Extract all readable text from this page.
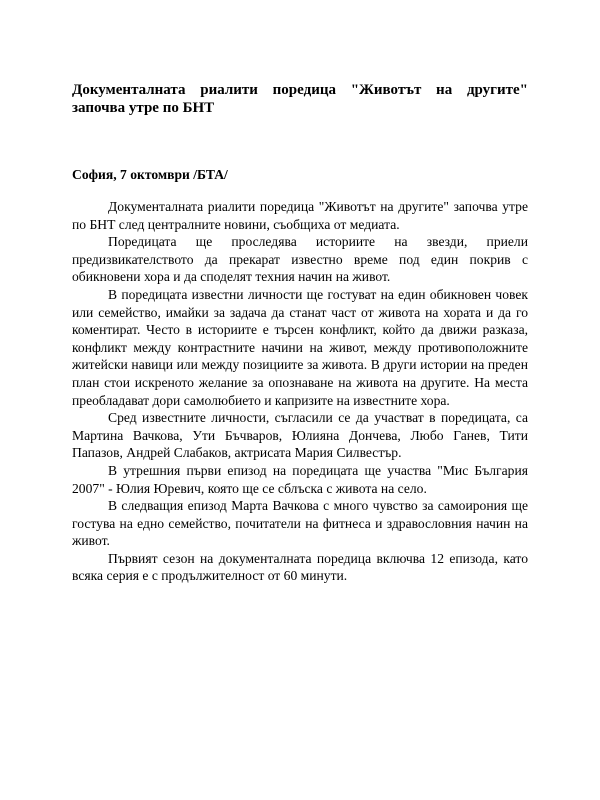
Документалната риалити поредица "Животът на другите" започва утре по БНТ

София, 7 октомври /БТА/

Документалната риалити поредица "Животът на другите" започва утре по БНТ след централните новини, съобщиха от медиата.

Поредицата ще проследява историите на звезди, приели предизвикателството да прекарат известно време под един покрив с обикновени хора и да споделят техния начин на живот.

В поредицата известни личности ще гостуват на един обикновен човек или семейство, имайки за задача да станат част от живота на хората и да го коментират. Често в историите е търсен конфликт, който да движи разказа, конфликт между контрастните начини на живот, между противоположните житейски навици или между позициите за живота. В други истории на преден план стои искреното желание за опознаване на живота на другите. На места преобладават дори самолюбието и капризите на известните хора.

Сред известните личности, съгласили се да участват в поредицата, са Мартина Вачкова, Ути Бъчваров, Юлияна Дончева, Любо Ганев, Тити Папазов, Андрей Слабаков, актрисата Мария Силвестър.

В утрешния първи епизод на поредицата ще участва "Мис България 2007" - Юлия Юревич, която ще се сблъска с живота на село.

В следващия епизод Марта Вачкова с много чувство за самоирония ще гостува на едно семейство, почитатели на фитнеса и здравословния начин на живот.

Първият сезон на документалната поредица включва 12 епизода, като всяка серия е с продължителност от 60 минути.
